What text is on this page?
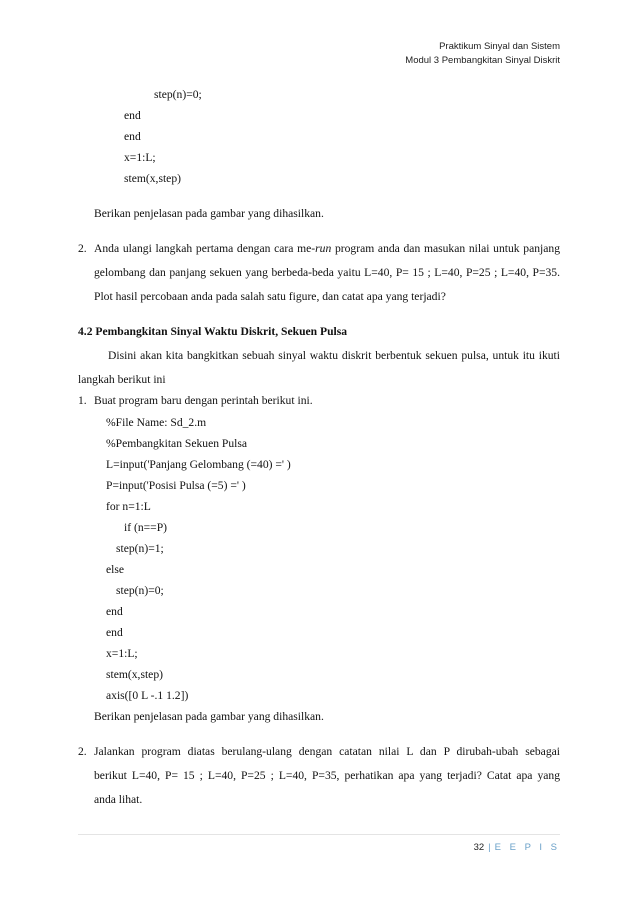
Praktikum Sinyal dan Sistem
Modul 3 Pembangkitan Sinyal Diskrit
step(n)=0;
end
end
x=1:L;
stem(x,step)
Berikan penjelasan pada gambar yang dihasilkan.
2. Anda ulangi langkah pertama dengan cara me-run program anda dan masukan nilai untuk panjang
gelombang dan panjang sekuen yang berbeda-beda yaitu L=40, P= 15 ; L=40, P=25 ; L=40, P=35.
Plot hasil percobaan anda pada salah satu figure, dan catat apa yang terjadi?
4.2 Pembangkitan Sinyal Waktu Diskrit, Sekuen Pulsa
Disini akan kita bangkitkan sebuah sinyal waktu diskrit berbentuk sekuen pulsa, untuk itu ikuti
langkah berikut ini
1. Buat program baru dengan perintah berikut ini.
%File Name: Sd_2.m
%Pembangkitan Sekuen Pulsa
L=input('Panjang Gelombang (=40) =' )
P=input('Posisi Pulsa (=5) =' )
for n=1:L
if (n==P)
step(n)=1;
else
step(n)=0;
end
end
x=1:L;
stem(x,step)
axis([0 L -.1 1.2])
Berikan penjelasan pada gambar yang dihasilkan.
2. Jalankan program diatas berulang-ulang dengan catatan nilai L dan P dirubah-ubah sebagai
berikut L=40, P= 15 ; L=40, P=25 ; L=40, P=35, perhatikan apa yang terjadi? Catat apa yang
anda lihat.
32 | E E P I S
